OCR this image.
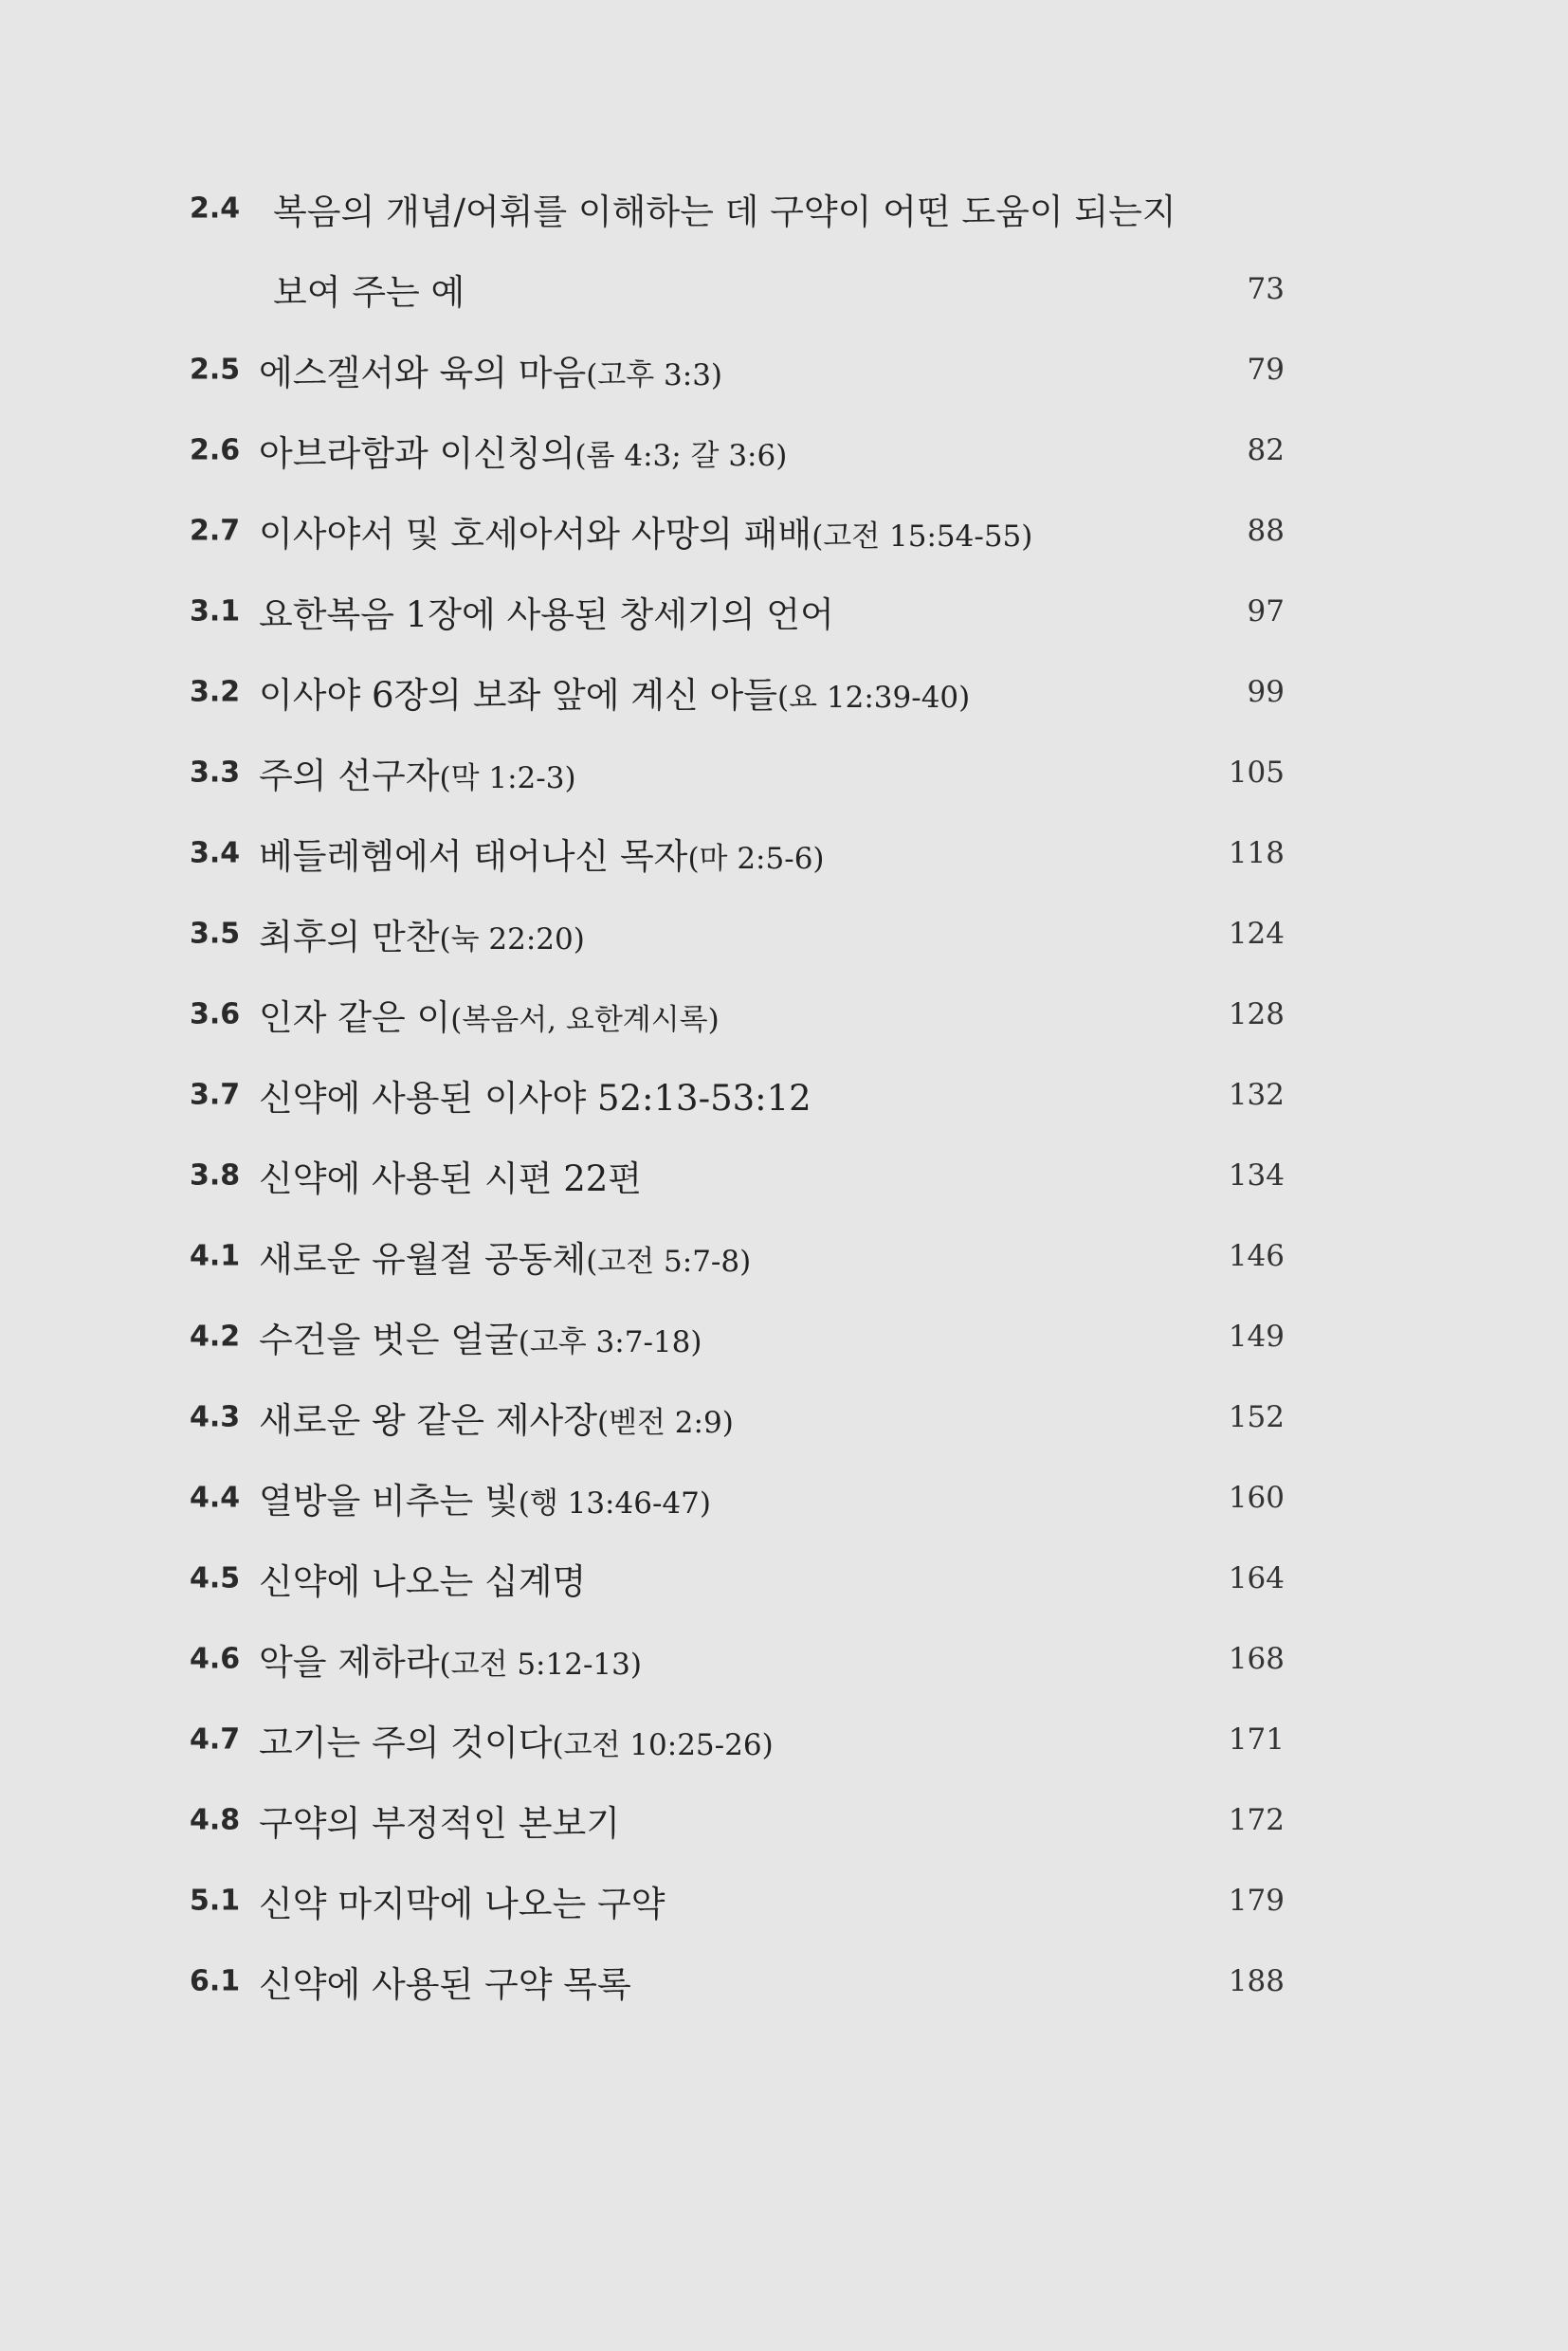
2.4 복음의 개념/어휘를 이해하는 데 구약이 어떤 도움이 되는지
보여 주는 예	73
2.5 에스겔서와 육의 마음(고후 3:3)	79
2.6 아브라함과 이신칭의(롬 4:3; 갈 3:6)	82
2.7 이사야서 및 호세아서와 사망의 패배(고전 15:54-55)	88
3.1 요한복음 1장에 사용된 창세기의 언어	97
3.2 이사야 6장의 보좌 앞에 계신 아들(요 12:39-40)	99
3.3 주의 선구자(막 1:2-3)	105
3.4 베들레헴에서 태어나신 목자(마 2:5-6)	118
3.5 최후의 만찬(눅 22:20)	124
3.6 인자 같은 이(복음서, 요한계시록)	128
3.7 신약에 사용된 이사야 52:13-53:12	132
3.8 신약에 사용된 시편 22편	134
4.1 새로운 유월절 공동체(고전 5:7-8)	146
4.2 수건을 벗은 얼굴(고후 3:7-18)	149
4.3 새로운 왕 같은 제사장(벧전 2:9)	152
4.4 열방을 비추는 빛(행 13:46-47)	160
4.5 신약에 나오는 십계명	164
4.6 악을 제하라(고전 5:12-13)	168
4.7 고기는 주의 것이다(고전 10:25-26)	171
4.8 구약의 부정적인 본보기	172
5.1 신약 마지막에 나오는 구약	179
6.1 신약에 사용된 구약 목록	188
